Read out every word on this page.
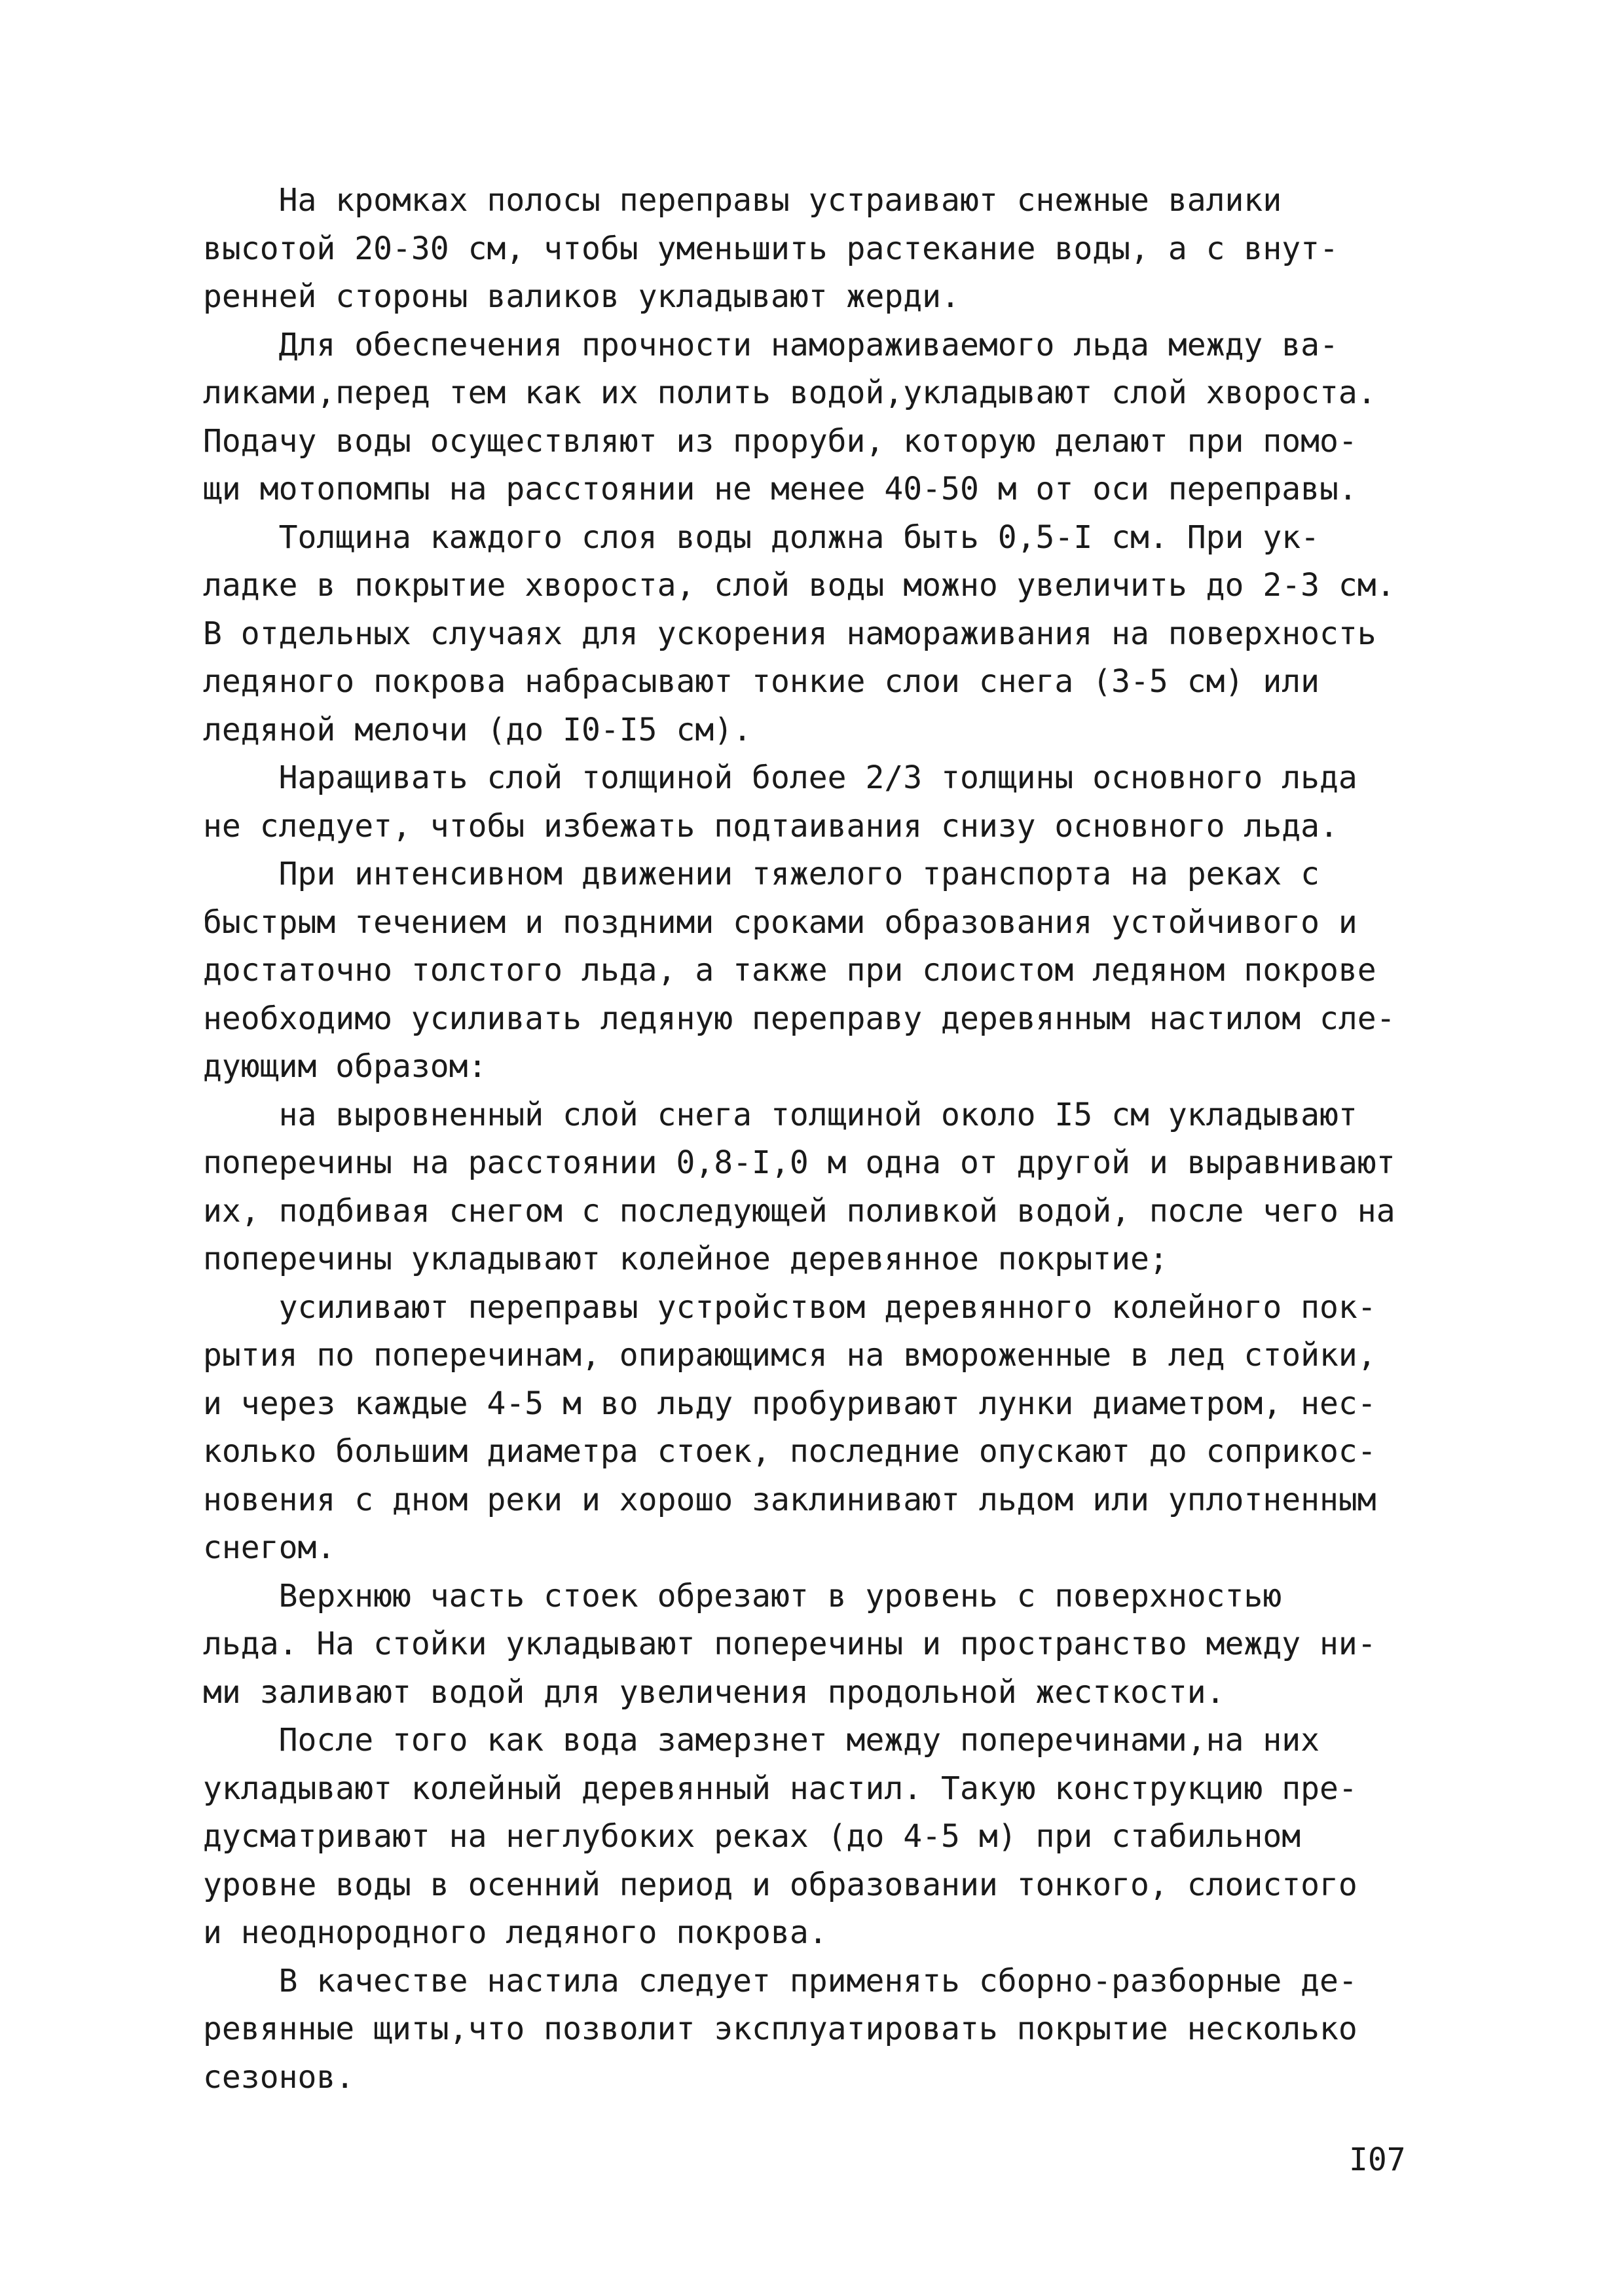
На кромках полосы переправы устраивают снежные валики
высотой 20-30 см, чтобы уменьшить растекание воды, а с внут-
ренней стороны валиков укладывают жерди.
Для обеспечения прочности намораживаемого льда между ва-
ликами,перед тем как их полить водой,укладывают слой хвороста.
Подачу воды осуществляют из проруби, которую делают при помо-
щи мотопомпы на расстоянии не менее 40-50 м от оси переправы.
Толщина каждого слоя воды должна быть 0,5-I см. При ук-
ладке в покрытие хвороста, слой воды можно увеличить до 2-3 см.
В отдельных случаях для ускорения намораживания на поверхность
ледяного покрова набрасывают тонкие слои снега (3-5 см) или
ледяной мелочи (до I0-I5 см).
Наращивать слой толщиной более 2/3 толщины основного льда
не следует, чтобы избежать подтаивания снизу основного льда.
При интенсивном движении тяжелого транспорта на реках с
быстрым течением и поздними сроками образования устойчивого и
достаточно толстого льда, а также при слоистом ледяном покрове
необходимо усиливать ледяную переправу деревянным настилом сле-
дующим образом:
на выровненный слой снега толщиной около I5 см укладывают
поперечины на расстоянии 0,8-I,0 м одна от другой и выравнивают
их, подбивая снегом с последующей поливкой водой, после чего на
поперечины укладывают колейное деревянное покрытие;
усиливают переправы устройством деревянного колейного пок-
рытия по поперечинам, опирающимся на вмороженные в лед стойки,
и через каждые 4-5 м во льду пробуривают лунки диаметром, нес-
колько большим диаметра стоек, последние опускают до соприкос-
новения с дном реки и хорошо заклинивают льдом или уплотненным
снегом.
Верхнюю часть стоек обрезают в уровень с поверхностью
льда. На стойки укладывают поперечины и пространство между ни-
ми заливают водой для увеличения продольной жесткости.
После того как вода замерзнет между поперечинами,на них
укладывают колейный деревянный настил. Такую конструкцию пре-
дусматривают на неглубоких реках (до 4-5 м) при стабильном
уровне воды в осенний период и образовании тонкого, слоистого
и неоднородного ледяного покрова.
В качестве настила следует применять сборно-разборные де-
ревянные щиты,что позволит эксплуатировать покрытие несколько
сезонов.
I07
